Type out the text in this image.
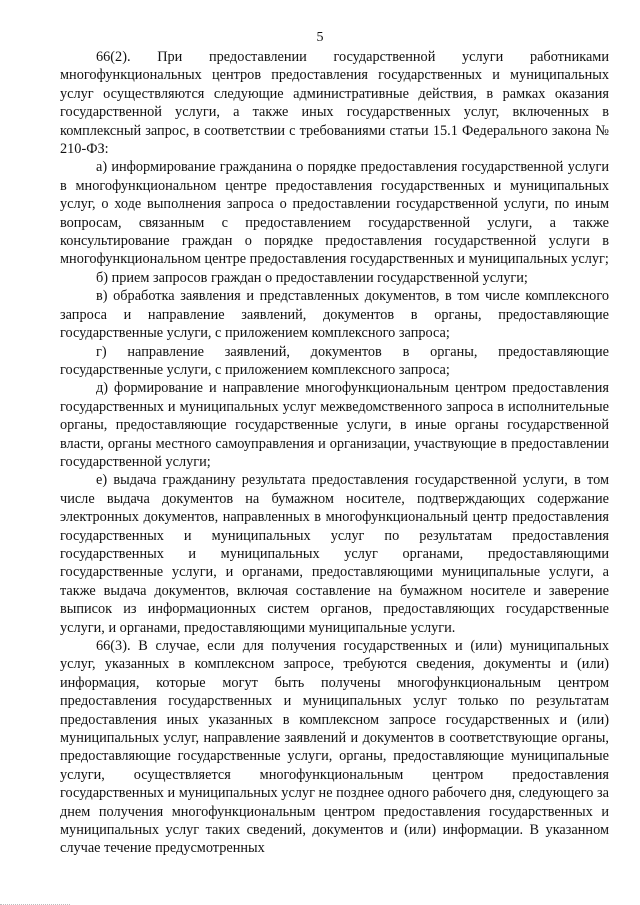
5

66(2). При предоставлении государственной услуги работниками многофункциональных центров предоставления государственных и муниципальных услуг осуществляются следующие административные действия, в рамках оказания государственной услуги, а также иных государственных услуг, включенных в комплексный запрос, в соответствии с требованиями статьи 15.1 Федерального закона № 210-ФЗ:

а) информирование гражданина о порядке предоставления государственной услуги в многофункциональном центре предоставления государственных и муниципальных услуг, о ходе выполнения запроса о предоставлении государственной услуги, по иным вопросам, связанным с предоставлением государственной услуги, а также консультирование граждан о порядке предоставления государственной услуги в многофункциональном центре предоставления государственных и муниципальных услуг;

б) прием запросов граждан о предоставлении государственной услуги;

в) обработка заявления и представленных документов, в том числе комплексного запроса и направление заявлений, документов в органы, предоставляющие государственные услуги, с приложением комплексного запроса;

г) направление заявлений, документов в органы, предоставляющие государственные услуги, с приложением комплексного запроса;

д) формирование и направление многофункциональным центром предоставления государственных и муниципальных услуг межведомственного запроса в исполнительные органы, предоставляющие государственные услуги, в иные органы государственной власти, органы местного самоуправления и организации, участвующие в предоставлении государственной услуги;

е) выдача гражданину результата предоставления государственной услуги, в том числе выдача документов на бумажном носителе, подтверждающих содержание электронных документов, направленных в многофункциональный центр предоставления государственных и муниципальных услуг по результатам предоставления государственных и муниципальных услуг органами, предоставляющими государственные услуги, и органами, предоставляющими муниципальные услуги, а также выдача документов, включая составление на бумажном носителе и заверение выписок из информационных систем органов, предоставляющих государственные услуги, и органами, предоставляющими муниципальные услуги.

66(3). В случае, если для получения государственных и (или) муниципальных услуг, указанных в комплексном запросе, требуются сведения, документы и (или) информация, которые могут быть получены многофункциональным центром предоставления государственных и муниципальных услуг только по результатам предоставления иных указанных в комплексном запросе государственных и (или) муниципальных услуг, направление заявлений и документов в соответствующие органы, предоставляющие государственные услуги, органы, предоставляющие муниципальные услуги, осуществляется многофункциональным центром предоставления государственных и муниципальных услуг не позднее одного рабочего дня, следующего за днем получения многофункциональным центром предоставления государственных и муниципальных услуг таких сведений, документов и (или) информации. В указанном случае течение предусмотренных
